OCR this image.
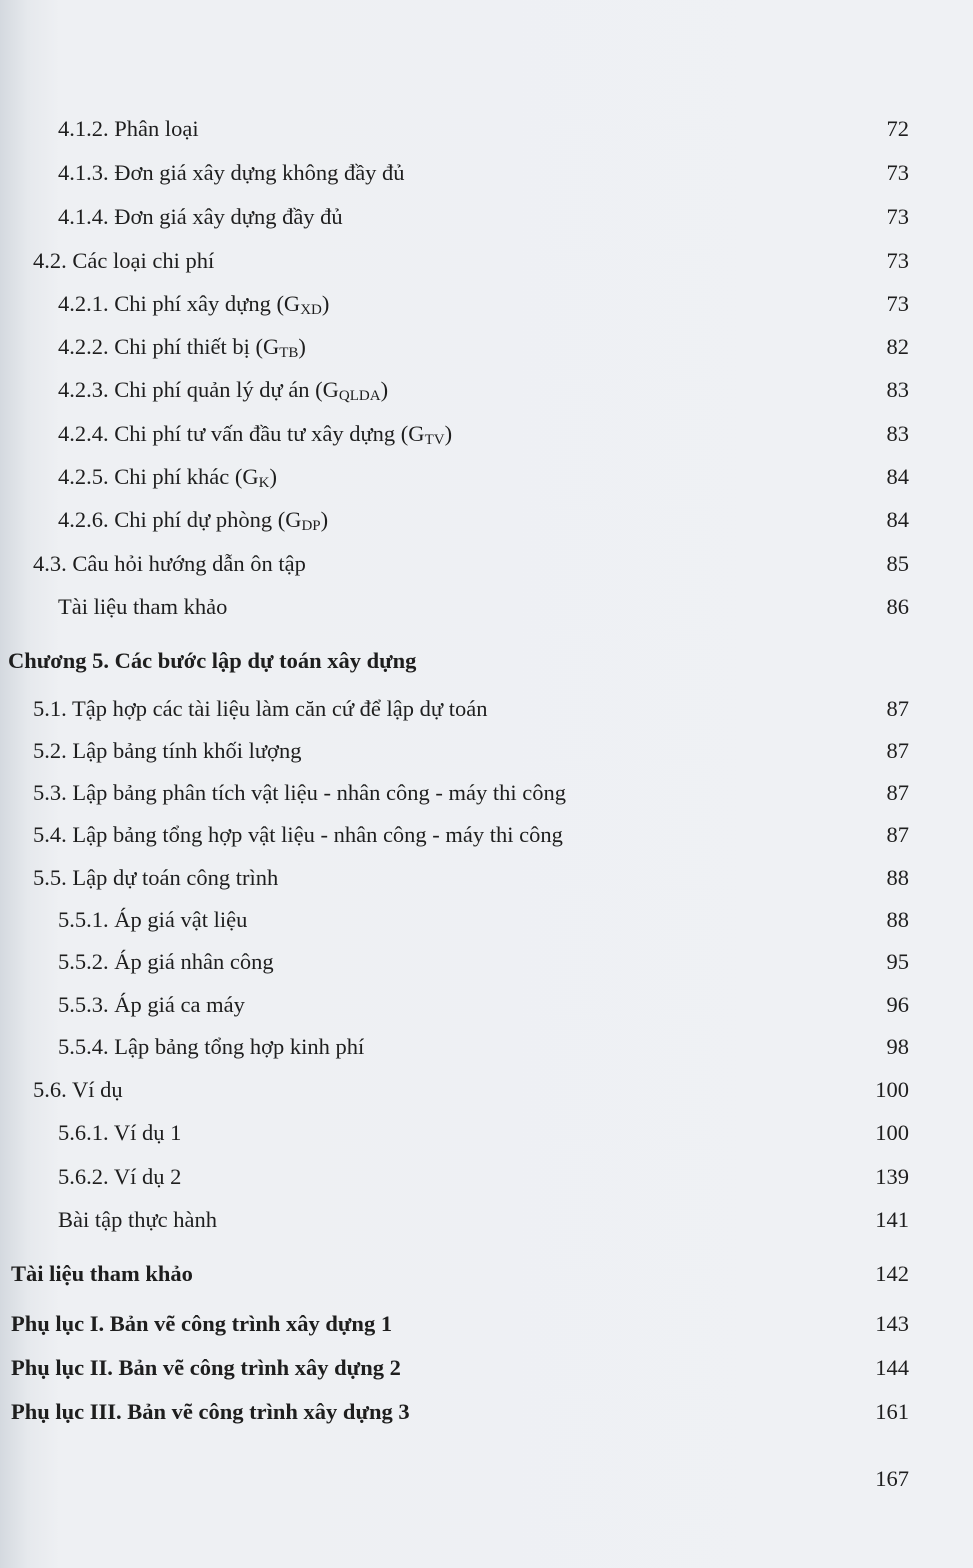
4.1.2. Phân loại	72
4.1.3. Đơn giá xây dựng không đầy đủ	73
4.1.4. Đơn giá xây dựng đầy đủ	73
4.2. Các loại chi phí	73
4.2.1. Chi phí xây dựng $(G_{XD})$	73
4.2.2. Chi phí thiết bị $(G_{TB})$	82
4.2.3. Chi phí quản lý dự án $(G_{QLDA})$	83
4.2.4. Chi phí tư vấn đầu tư xây dựng $(G_{TV})$	83
4.2.5. Chi phí khác $(G_K)$	84
4.2.6. Chi phí dự phòng $(G_{DP})$	84
4.3. Câu hỏi hướng dẫn ôn tập	85
Tài liệu tham khảo	86
Chương 5. Các bước lập dự toán xây dựng
5.1. Tập hợp các tài liệu làm căn cứ để lập dự toán	87
5.2. Lập bảng tính khối lượng	87
5.3. Lập bảng phân tích vật liệu - nhân công - máy thi công	87
5.4. Lập bảng tổng hợp vật liệu - nhân công - máy thi công	87
5.5. Lập dự toán công trình	88
5.5.1. Áp giá vật liệu	88
5.5.2. Áp giá nhân công	95
5.5.3. Áp giá ca máy	96
5.5.4. Lập bảng tổng hợp kinh phí	98
5.6. Ví dụ	100
5.6.1. Ví dụ 1	100
5.6.2. Ví dụ 2	139
Bài tập thực hành	141
Tài liệu tham khảo	142
Phụ lục I. Bản vẽ công trình xây dựng 1	143
Phụ lục II. Bản vẽ công trình xây dựng 2	144
Phụ lục III. Bản vẽ công trình xây dựng 3	161
167
